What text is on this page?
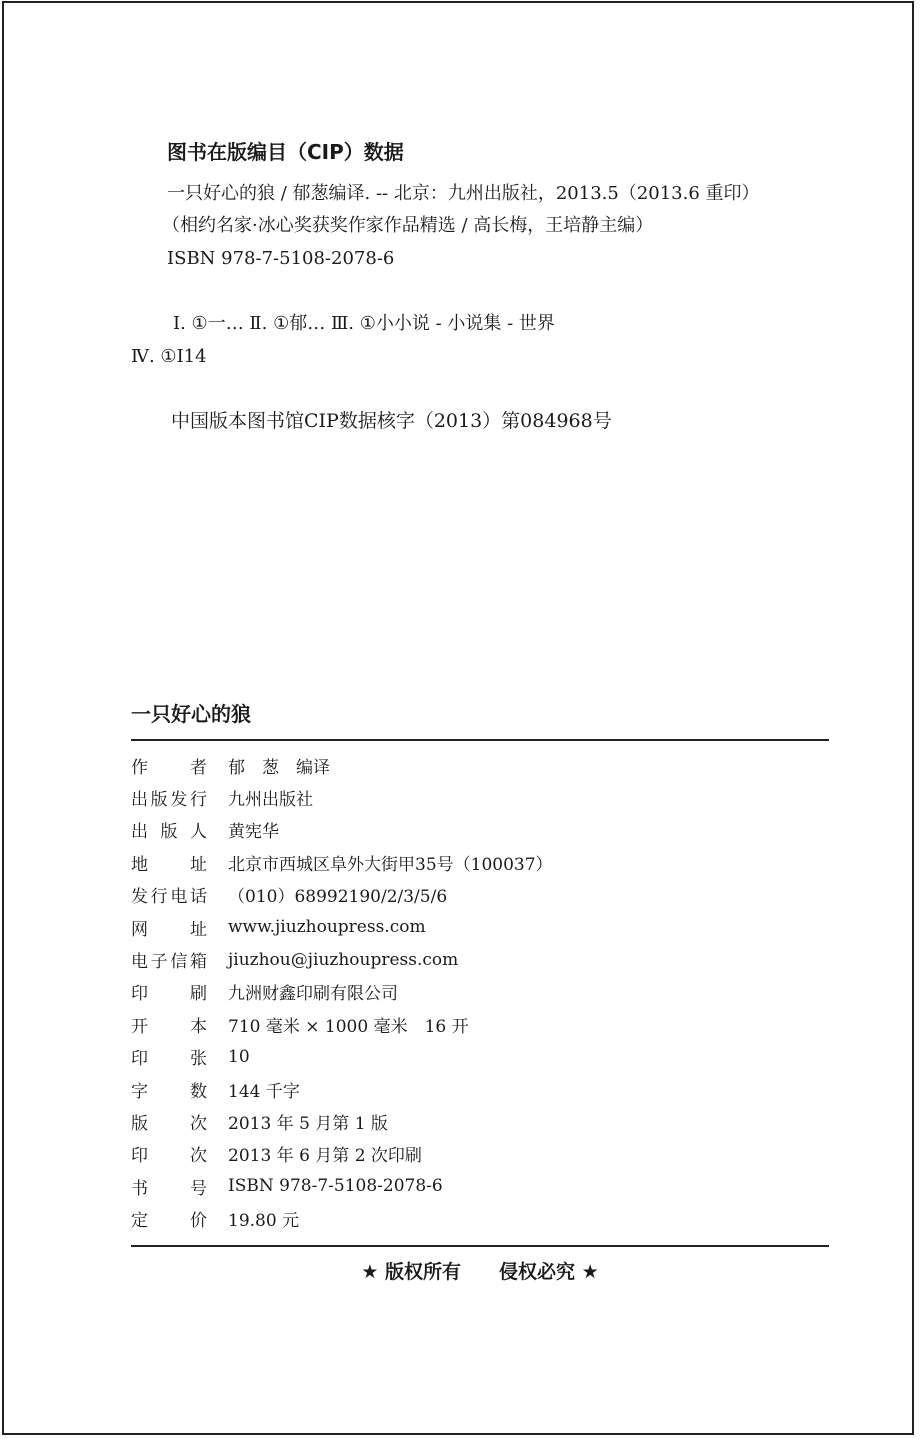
图书在版编目（CIP）数据
一只好心的狼 / 郁葱编译. -- 北京：九州出版社，2013.5（2013.6 重印）
（相约名家·冰心奖获奖作家作品精选 / 高长梅，王培静主编）
ISBN 978-7-5108-2078-6
Ⅰ. ①一… Ⅱ. ①郁… Ⅲ. ①小小说 - 小说集 - 世界
Ⅳ. ①I14
中国版本图书馆CIP数据核字（2013）第084968号
一只好心的狼
作 者 郁　葱　编译
出 版 发 行 九州出版社
出 版 人 黄宪华
地 址 北京市西城区阜外大街甲35号（100037）
发 行 电 话 （010）68992190/2/3/5/6
网 址 www.jiuzhoupress.com
电 子 信 箱 jiuzhou@jiuzhoupress.com
印 刷 九洲财鑫印刷有限公司
开 本 710 毫米 × 1000 毫米　16 开
印 张 10
字 数 144 千字
版 次 2013 年 5 月第 1 版
印 次 2013 年 6 月第 2 次印刷
书 号 ISBN 978-7-5108-2078-6
定 价 19.80 元
★ 版权所有　　侵权必究 ★
